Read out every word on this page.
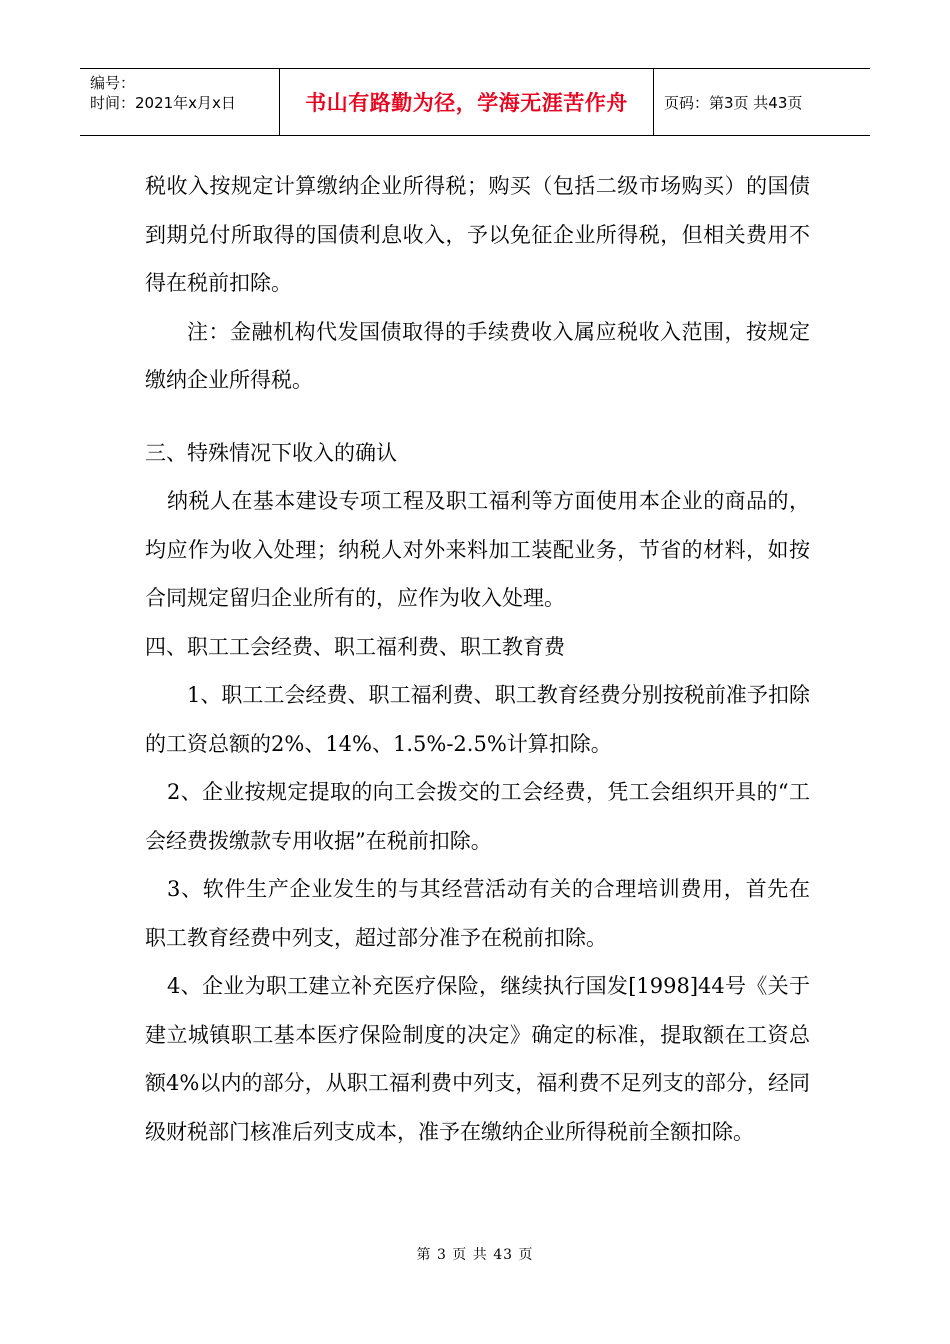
编号：
时间：2021年x月x日	书山有路勤为径，学海无涯苦作舟	页码：第3页 共43页

税收入按规定计算缴纳企业所得税；购买（包括二级市场购买）的国债到期兑付所取得的国债利息收入，予以免征企业所得税，但相关费用不得在税前扣除。

注：金融机构代发国债取得的手续费收入属应税收入范围，按规定缴纳企业所得税。

三、特殊情况下收入的确认

纳税人在基本建设专项工程及职工福利等方面使用本企业的商品的，均应作为收入处理；纳税人对外来料加工装配业务，节省的材料，如按合同规定留归企业所有的，应作为收入处理。

四、职工工会经费、职工福利费、职工教育费

1、职工工会经费、职工福利费、职工教育经费分别按税前准予扣除的工资总额的2%、14%、1.5%-2.5%计算扣除。

2、企业按规定提取的向工会拨交的工会经费，凭工会组织开具的“工会经费拨缴款专用收据”在税前扣除。

3、软件生产企业发生的与其经营活动有关的合理培训费用，首先在职工教育经费中列支，超过部分准予在税前扣除。

4、企业为职工建立补充医疗保险，继续执行国发[1998]44号《关于建立城镇职工基本医疗保险制度的决定》确定的标准，提取额在工资总额4%以内的部分，从职工福利费中列支，福利费不足列支的部分，经同级财税部门核准后列支成本，准予在缴纳企业所得税前全额扣除。

第 3 页 共 43 页
